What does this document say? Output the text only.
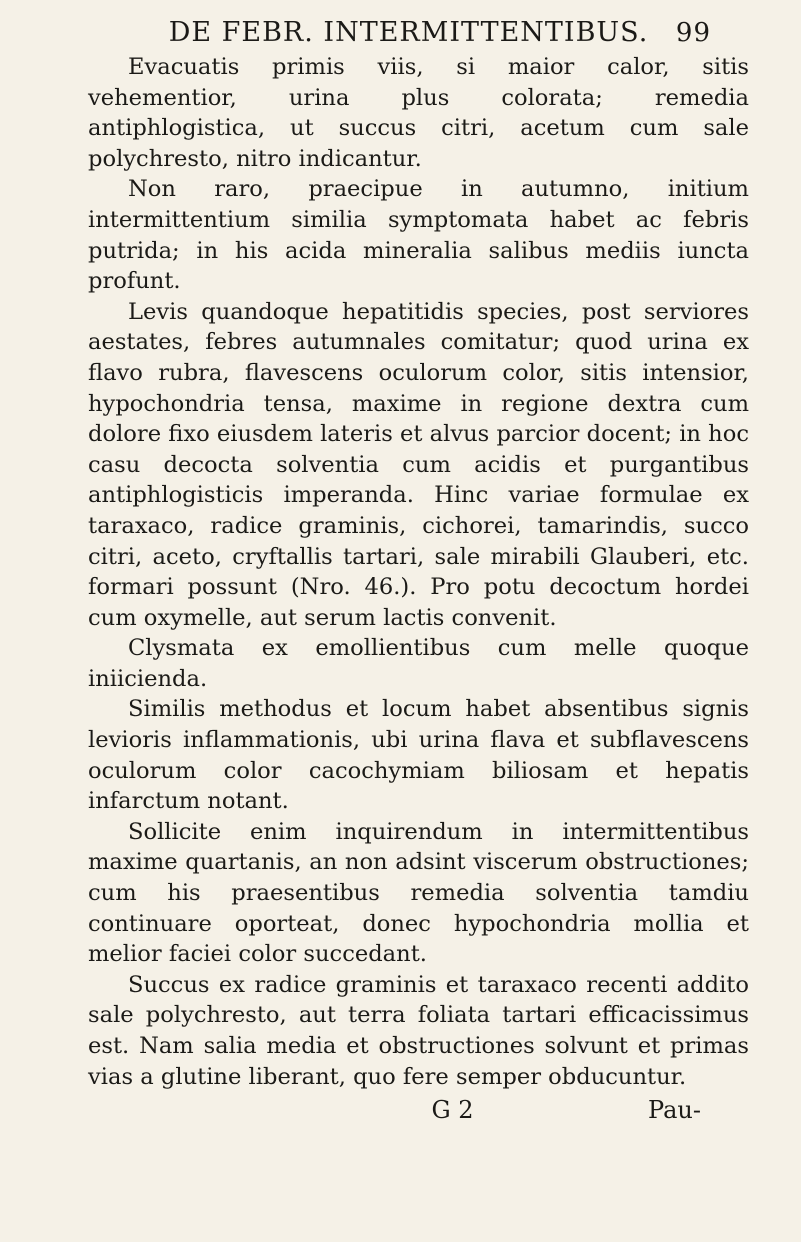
DE FEBR. INTERMITTENTIBUS. 99

Evacuatis primis viis, si maior calor, sitis vehementior, urina plus colorata; remedia antiphlogistica, ut succus citri, acetum cum sale polychresto, nitro indicantur.

Non raro, praecipue in autumno, initium intermittentium similia symptomata habet ac febris putrida; in his acida mineralia salibus mediis iuncta profunt.

Levis quandoque hepatitidis species, post serviores aestates, febres autumnales comitatur; quod urina ex flavo rubra, flavescens oculorum color, sitis intensior, hypochondria tensa, maxime in regione dextra cum dolore fixo eiusdem lateris et alvus parcior docent; in hoc casu decocta solventia cum acidis et purgantibus antiphlogisticis imperanda. Hinc variae formulae ex taraxaco, radice graminis, cichorei, tamarindis, succo citri, aceto, cryftallis tartari, sale mirabili Glauberi, etc. formari possunt (Nro. 46.). Pro potu decoctum hordei cum oxymelle, aut serum lactis convenit.

Clysmata ex emollientibus cum melle quoque iniicienda.

Similis methodus et locum habet absentibus signis levioris inflammationis, ubi urina flava et subflavescens oculorum color cacochymiam biliosam et hepatis infarctum notant.

Sollicite enim inquirendum in intermittentibus maxime quartanis, an non adsint viscerum obstructiones; cum his praesentibus remedia solventia tamdiu continuare oporteat, donec hypochondria mollia et melior faciei color succedant.

Succus ex radice graminis et taraxaco recenti addito sale polychresto, aut terra foliata tartari efficacissimus est. Nam salia media et obstructiones solvunt et primas vias a glutine liberant, quo fere semper obducuntur.

G 2	Pau-
